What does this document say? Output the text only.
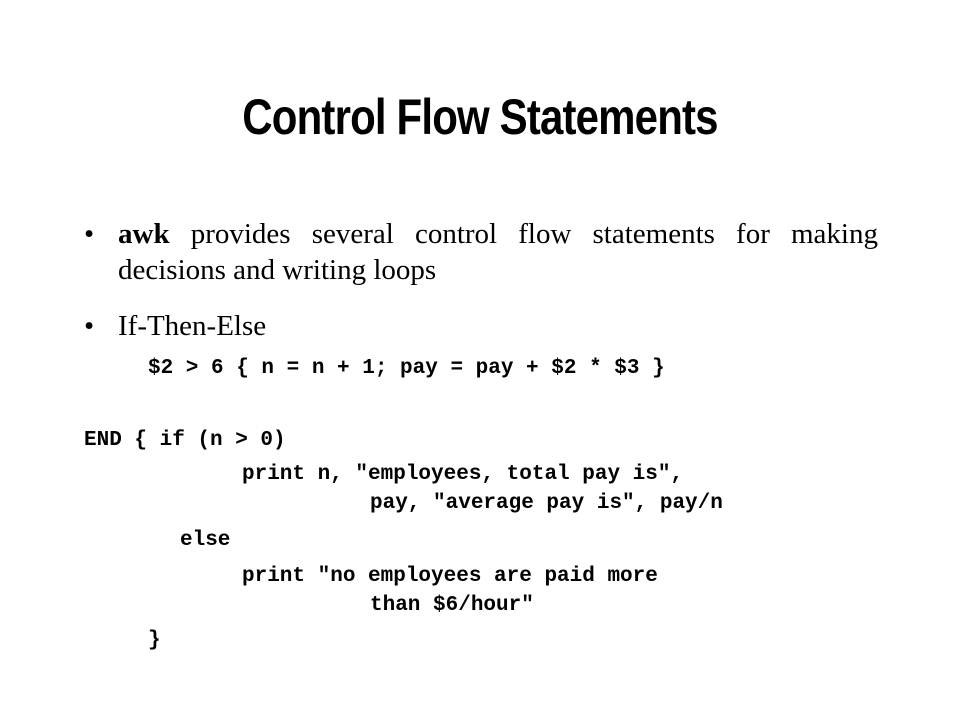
Control Flow Statements
• awk provides several control flow statements for making decisions and writing loops
• If-Then-Else
$2 > 6 { n = n + 1; pay = pay + $2 * $3 }
END { if (n > 0)
print n, "employees, total pay is",
pay, "average pay is", pay/n
else
print "no employees are paid more
than $6/hour"
}
